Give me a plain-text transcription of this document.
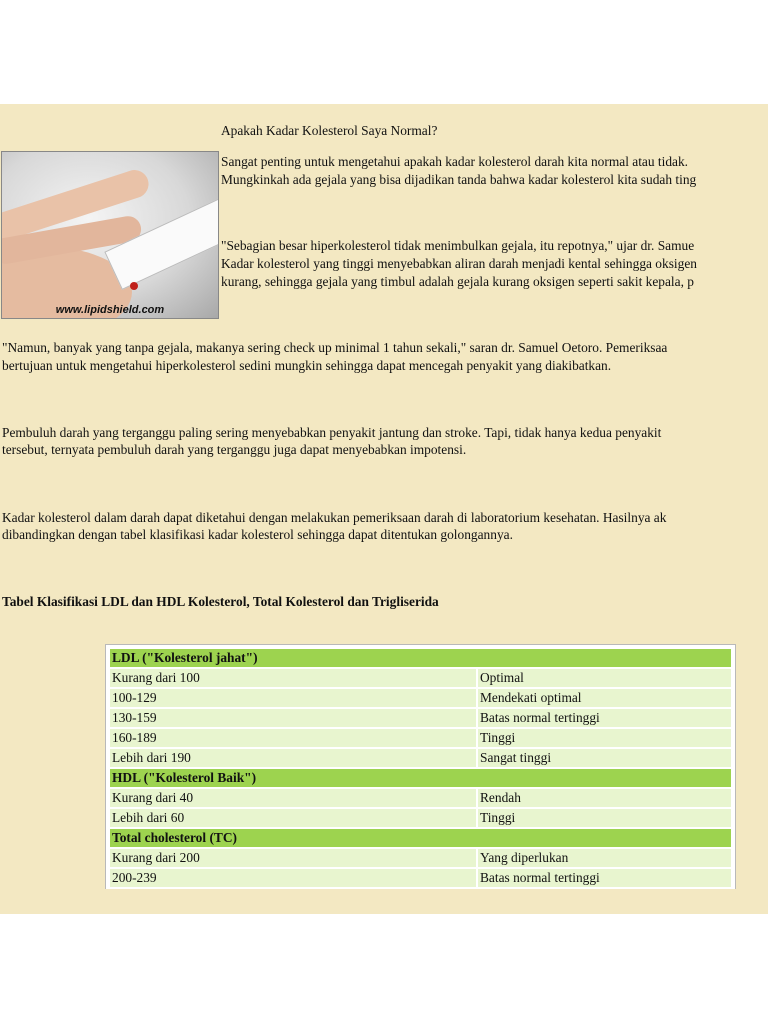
Apakah Kadar Kolesterol Saya Normal?
www.lipidshield.com
Sangat penting untuk mengetahui apakah kadar kolesterol darah kita normal atau tidak.
Mungkinkah ada gejala yang bisa dijadikan tanda bahwa kadar kolesterol kita sudah ting
"Sebagian besar hiperkolesterol tidak menimbulkan gejala, itu repotnya," ujar dr. Samue
Kadar kolesterol yang tinggi menyebabkan aliran darah menjadi kental sehingga oksigen
kurang, sehingga gejala yang timbul adalah gejala kurang oksigen seperti sakit kepala, p
"Namun, banyak yang tanpa gejala, makanya sering check up minimal 1 tahun sekali," saran dr. Samuel Oetoro. Pemeriksaa
bertujuan untuk mengetahui hiperkolesterol sedini mungkin sehingga dapat mencegah penyakit yang diakibatkan.
Pembuluh darah yang terganggu paling sering menyebabkan penyakit jantung dan stroke. Tapi, tidak hanya kedua penyakit
tersebut, ternyata pembuluh darah yang terganggu juga dapat menyebabkan impotensi.
Kadar kolesterol dalam darah dapat diketahui dengan melakukan pemeriksaan darah di laboratorium kesehatan. Hasilnya ak
dibandingkan dengan tabel klasifikasi kadar kolesterol sehingga dapat ditentukan golongannya.
Tabel Klasifikasi LDL dan HDL Kolesterol, Total Kolesterol dan Trigliserida
LDL ("Kolesterol jahat")	
Kurang dari 100	Optimal
100-129	Mendekati optimal
130-159	Batas normal tertinggi
160-189	Tinggi
Lebih dari 190	Sangat tinggi
HDL ("Kolesterol Baik")	
Kurang dari 40	Rendah
Lebih dari 60	Tinggi
Total cholesterol (TC)	
Kurang dari 200	Yang diperlukan
200-239	Batas normal tertinggi
